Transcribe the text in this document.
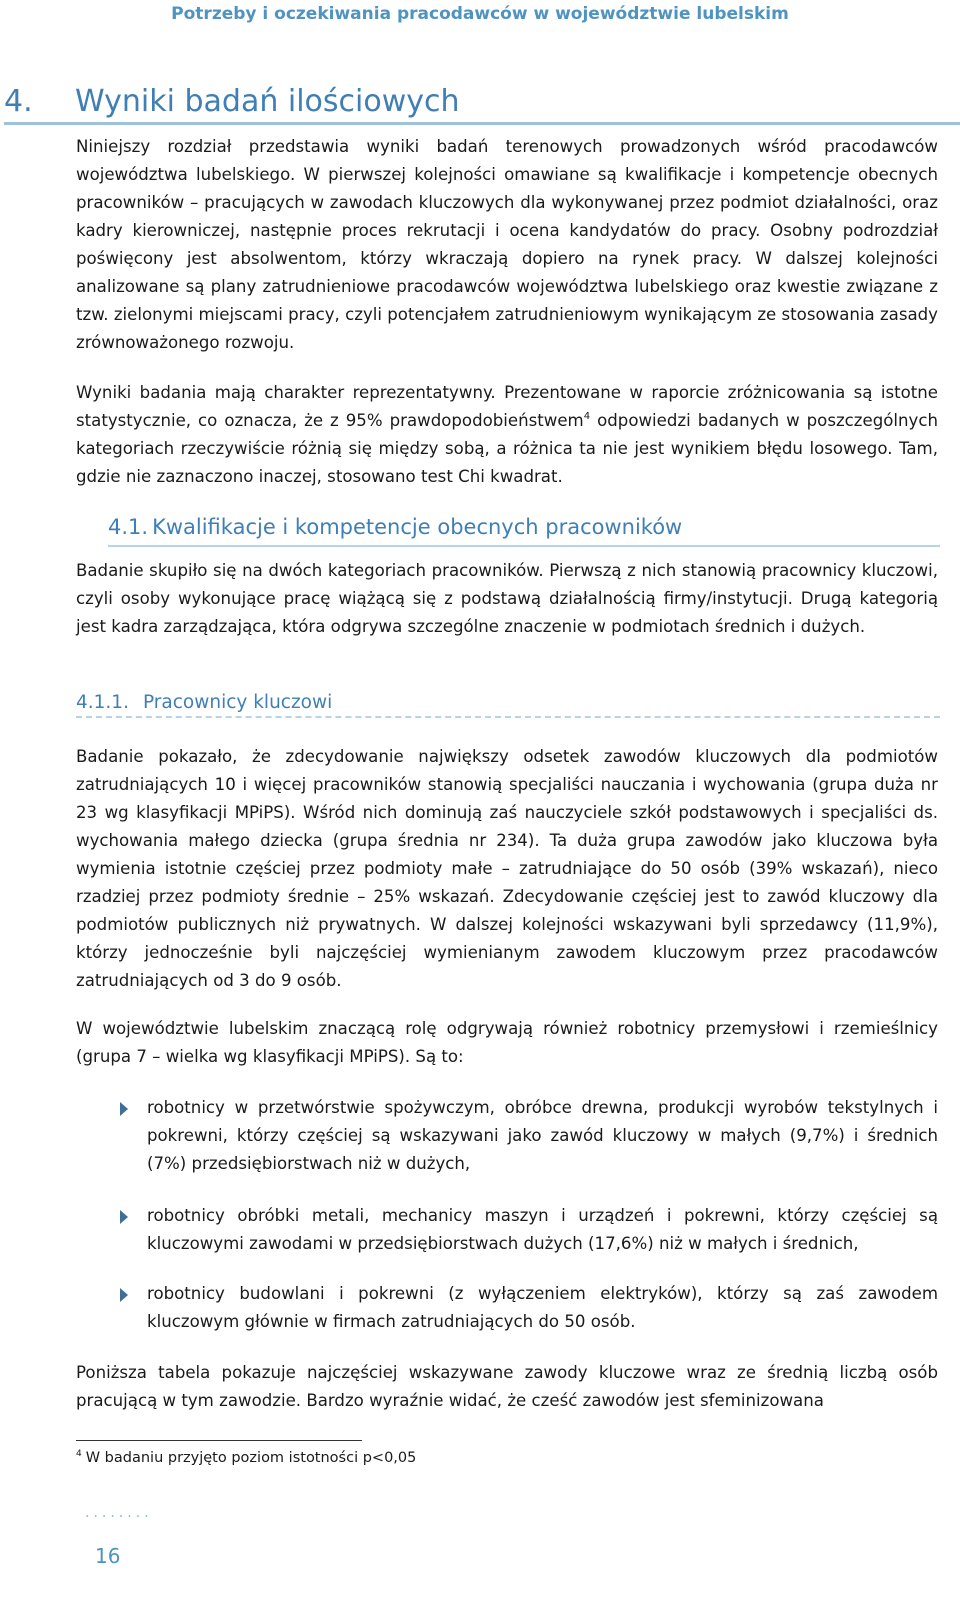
Potrzeby i oczekiwania pracodawców w województwie lubelskim
4. Wyniki badań ilościowych

Niniejszy rozdział przedstawia wyniki badań terenowych prowadzonych wśród pracodawców województwa lubelskiego. W pierwszej kolejności omawiane są kwalifikacje i kompetencje obecnych pracowników – pracujących w zawodach kluczowych dla wykonywanej przez podmiot działalności, oraz kadry kierowniczej, następnie proces rekrutacji i ocena kandydatów do pracy. Osobny podrozdział poświęcony jest absolwentom, którzy wkraczają dopiero na rynek pracy. W dalszej kolejności analizowane są plany zatrudnieniowe pracodawców województwa lubelskiego oraz kwestie związane z tzw. zielonymi miejscami pracy, czyli potencjałem zatrudnieniowym wynikającym ze stosowania zasady zrównoważonego rozwoju.

Wyniki badania mają charakter reprezentatywny. Prezentowane w raporcie zróżnicowania są istotne statystycznie, co oznacza, że z 95% prawdopodobieństwem$^4$ odpowiedzi badanych w poszczególnych kategoriach rzeczywiście różnią się między sobą, a różnica ta nie jest wynikiem błędu losowego. Tam, gdzie nie zaznaczono inaczej, stosowano test Chi kwadrat.

4.1. Kwalifikacje i kompetencje obecnych pracowników

Badanie skupiło się na dwóch kategoriach pracowników. Pierwszą z nich stanowią pracownicy kluczowi, czyli osoby wykonujące pracę wiążącą się z podstawą działalnością firmy/instytucji. Drugą kategorią jest kadra zarządzająca, która odgrywa szczególne znaczenie w podmiotach średnich i dużych.

4.1.1. Pracownicy kluczowi

Badanie pokazało, że zdecydowanie największy odsetek zawodów kluczowych dla podmiotów zatrudniających 10 i więcej pracowników stanowią specjaliści nauczania i wychowania (grupa duża nr 23 wg klasyfikacji MPiPS). Wśród nich dominują zaś nauczyciele szkół podstawowych i specjaliści ds. wychowania małego dziecka (grupa średnia nr 234). Ta duża grupa zawodów jako kluczowa była wymienia istotnie częściej przez podmioty małe – zatrudniające do 50 osób (39% wskazań), nieco rzadziej przez podmioty średnie – 25% wskazań. Zdecydowanie częściej jest to zawód kluczowy dla podmiotów publicznych niż prywatnych. W dalszej kolejności wskazywani byli sprzedawcy (11,9%), którzy jednocześnie byli najczęściej wymienianym zawodem kluczowym przez pracodawców zatrudniających od 3 do 9 osób.

W województwie lubelskim znaczącą rolę odgrywają również robotnicy przemysłowi i rzemieślnicy (grupa 7 – wielka wg klasyfikacji MPiPS). Są to:

robotnicy w przetwórstwie spożywczym, obróbce drewna, produkcji wyrobów tekstylnych i pokrewni, którzy częściej są wskazywani jako zawód kluczowy w małych (9,7%) i średnich (7%) przedsiębiorstwach niż w dużych,
robotnicy obróbki metali, mechanicy maszyn i urządzeń i pokrewni, którzy częściej są kluczowymi zawodami w przedsiębiorstwach dużych (17,6%) niż w małych i średnich,
robotnicy budowlani i pokrewni (z wyłączeniem elektryków), którzy są zaś zawodem kluczowym głównie w firmach zatrudniających do 50 osób.

Poniższa tabela pokazuje najczęściej wskazywane zawody kluczowe wraz ze średnią liczbą osób pracującą w tym zawodzie. Bardzo wyraźnie widać, że cześć zawodów jest sfeminizowana

$^4$ W badaniu przyjęto poziom istotności p<0,05
........
16
